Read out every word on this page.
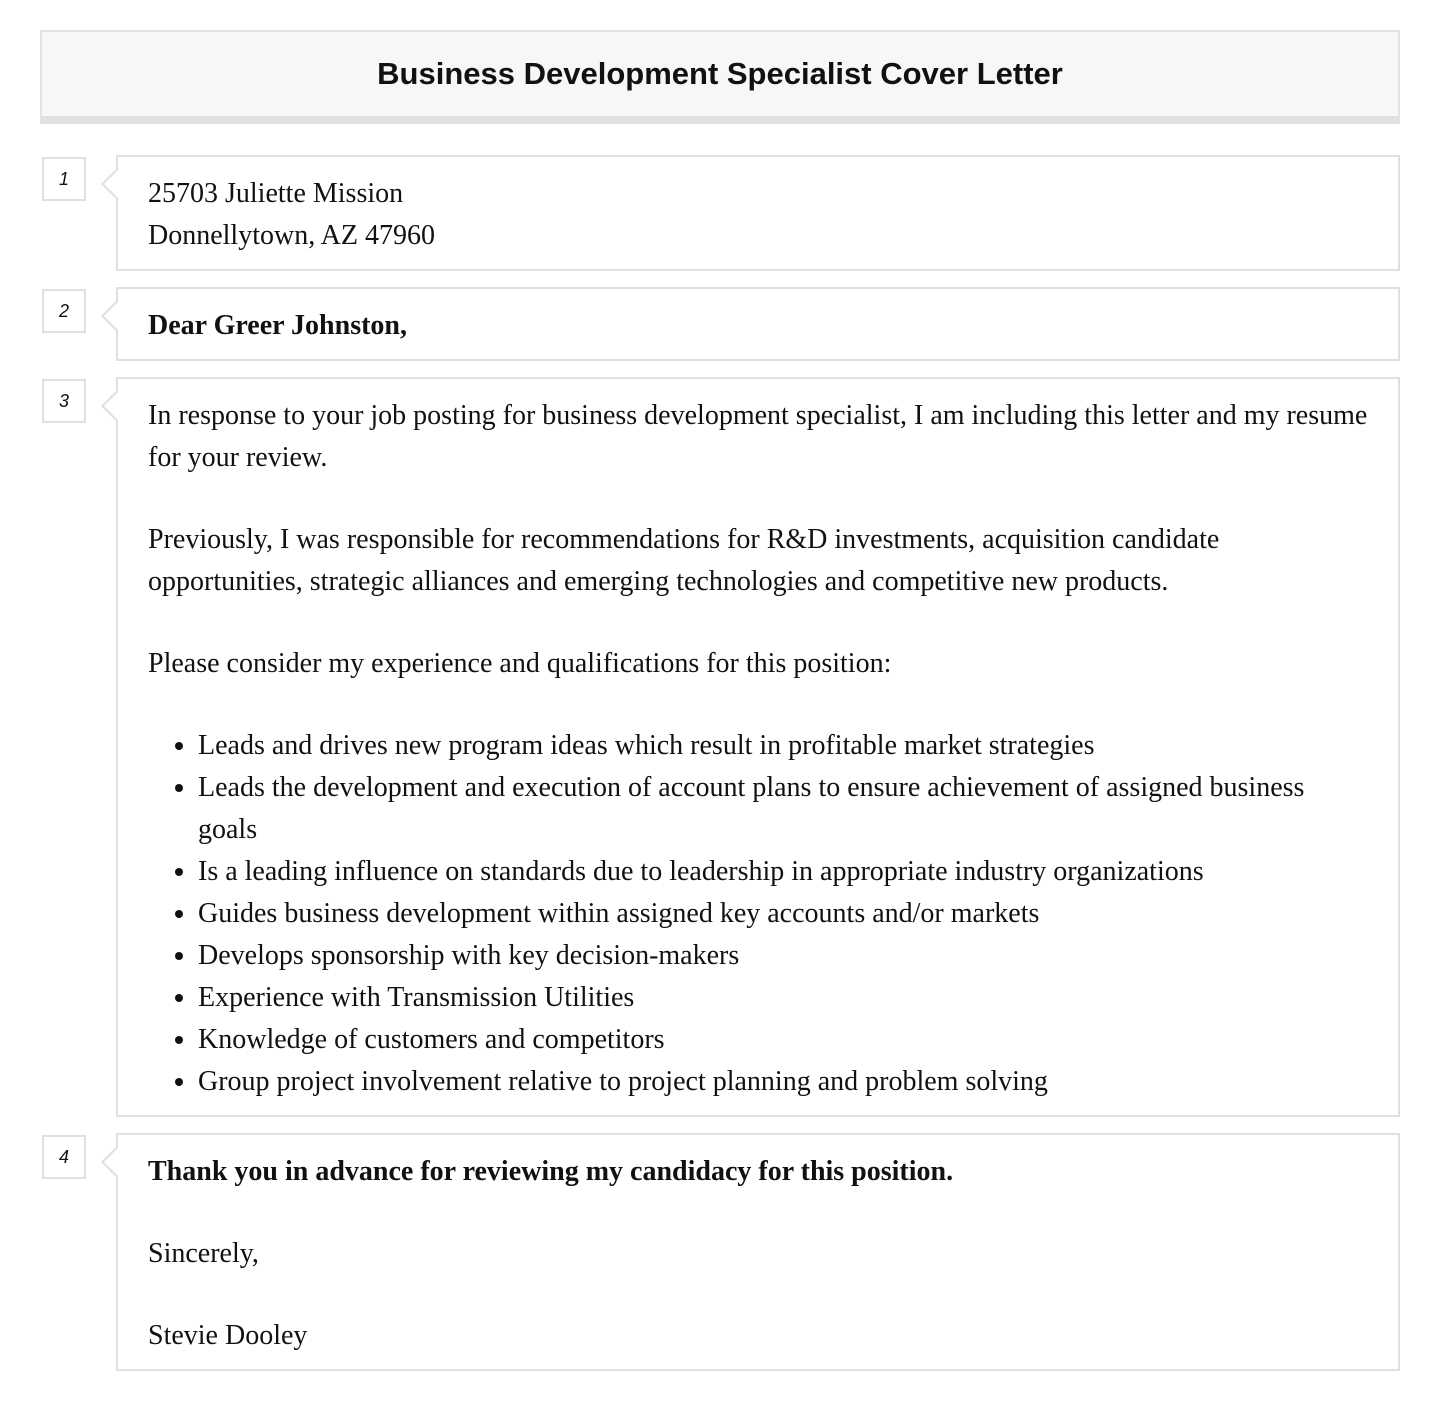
Business Development Specialist Cover Letter
1	25703 Juliette Mission

Donnellytown, AZ 47960

2	Dear Greer Johnston,

3	In response to your job posting for business development specialist, I am including this letter and my resume for your review.

Previously, I was responsible for recommendations for R&D investments, acquisition candidate opportunities, strategic alliances and emerging technologies and competitive new products.

Please consider my experience and qualifications for this position:

• Leads and drives new program ideas which result in profitable market strategies
• Leads the development and execution of account plans to ensure achievement of assigned business goals
• Is a leading influence on standards due to leadership in appropriate industry organizations
• Guides business development within assigned key accounts and/or markets
• Develops sponsorship with key decision-makers
• Experience with Transmission Utilities
• Knowledge of customers and competitors
• Group project involvement relative to project planning and problem solving
4	Thank you in advance for reviewing my candidacy for this position.

Sincerely,

Stevie Dooley
